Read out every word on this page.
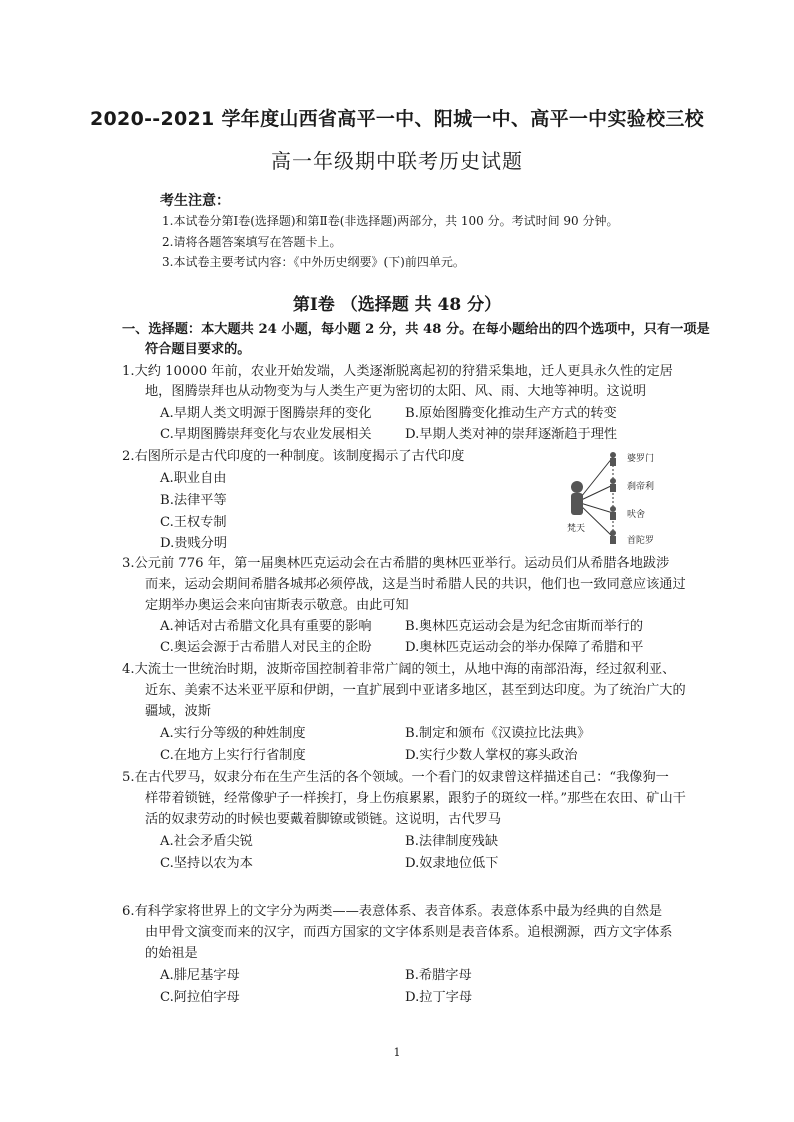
2020--2021 学年度山西省高平一中、阳城一中、高平一中实验校三校
高一年级期中联考历史试题
考生注意：
1.本试卷分第Ⅰ卷(选择题)和第Ⅱ卷(非选择题)两部分，共 100 分。考试时间 90 分钟。
2.请将各题答案填写在答题卡上。
3.本试卷主要考试内容：《中外历史纲要》(下)前四单元。
第Ⅰ卷 （选择题 共 48 分）
一、选择题：本大题共 24 小题，每小题 2 分，共 48 分。在每小题给出的四个选项中，只有一项是
符合题目要求的。
1.大约 10000 年前，农业开始发端，人类逐渐脱离起初的狩猎采集地，迁人更具永久性的定居
地，图腾崇拜也从动物变为与人类生产更为密切的太阳、风、雨、大地等神明。这说明
A.早期人类文明源于图腾崇拜的变化	B.原始图腾变化推动生产方式的转变
C.早期图腾崇拜变化与农业发展相关	D.早期人类对神的崇拜逐渐趋于理性
2.右图所示是古代印度的一种制度。该制度揭示了古代印度
A.职业自由
B.法律平等
C.王权专制
D.贵贱分明
婆罗门
刹帝利
吠舍
首陀罗
梵天
3.公元前 776 年，第一届奥林匹克运动会在古希腊的奥林匹亚举行。运动员们从希腊各地跋涉
而来，运动会期间希腊各城邦必须停战，这是当时希腊人民的共识，他们也一致同意应该通过
定期举办奥运会来向宙斯表示敬意。由此可知
A.神话对古希腊文化具有重要的影响	B.奥林匹克运动会是为纪念宙斯而举行的
C.奥运会源于古希腊人对民主的企盼	D.奥林匹克运动会的举办保障了希腊和平
4.大流士一世统治时期，波斯帝国控制着非常广阔的领土，从地中海的南部沿海，经过叙利亚、
近东、美索不达米亚平原和伊朗，一直扩展到中亚诸多地区，甚至到达印度。为了统治广大的
疆域，波斯
A.实行分等级的种姓制度	B.制定和颁布《汉谟拉比法典》
C.在地方上实行行省制度	D.实行少数人掌权的寡头政治
5.在古代罗马，奴隶分布在生产生活的各个领域。一个看门的奴隶曾这样描述自己：“我像狗一
样带着锁链，经常像驴子一样挨打，身上伤痕累累，跟豹子的斑纹一样。”那些在农田、矿山干
活的奴隶劳动的时候也要戴着脚镣或锁链。这说明，古代罗马
A.社会矛盾尖锐	B.法律制度残缺
C.坚持以农为本	D.奴隶地位低下
6.有科学家将世界上的文字分为两类——表意体系、表音体系。表意体系中最为经典的自然是
由甲骨文演变而来的汉字，而西方国家的文字体系则是表音体系。追根溯源，西方文字体系
的始祖是
A.腓尼基字母	B.希腊字母
C.阿拉伯字母	D.拉丁字母
1
